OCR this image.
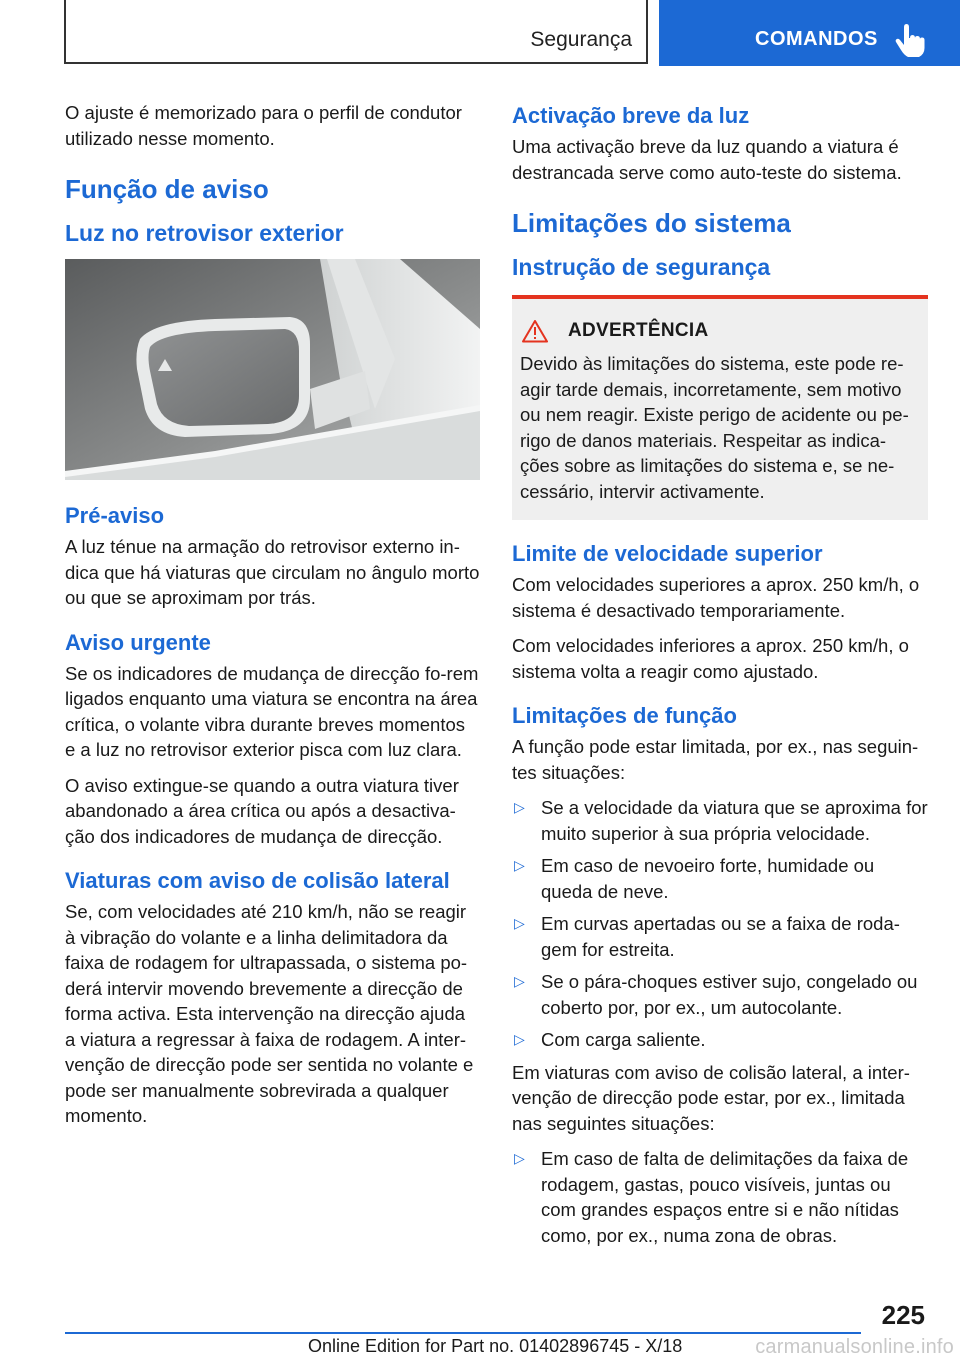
Segurança	COMANDOS

O ajuste é memorizado para o perfil de condutor utilizado nesse momento.

Função de aviso
Luz no retrovisor exterior
Pré-aviso

A luz ténue na armação do retrovisor externo in-dica que há viaturas que circulam no ângulo morto ou que se aproximam por trás.

Aviso urgente

Se os indicadores de mudança de direcção fo-rem ligados enquanto uma viatura se encontra na área crítica, o volante vibra durante breves momentos e a luz no retrovisor exterior pisca com luz clara.

O aviso extingue-se quando a outra viatura tiver abandonado a área crítica ou após a desactiva-ção dos indicadores de mudança de direcção.

Viaturas com aviso de colisão lateral

Se, com velocidades até 210 km/h, não se reagir à vibração do volante e a linha delimitadora da faixa de rodagem for ultrapassada, o sistema po-derá intervir movendo brevemente a direcção de forma activa. Esta intervenção na direcção ajuda a viatura a regressar à faixa de rodagem. A inter-venção de direcção pode ser sentida no volante e pode ser manualmente sobrevirada a qualquer momento.

Activação breve da luz

Uma activação breve da luz quando a viatura é destrancada serve como auto-teste do sistema.

Limitações do sistema
Instrução de segurança
ADVERTÊNCIA

Devido às limitações do sistema, este pode re-agir tarde demais, incorretamente, sem motivo ou nem reagir. Existe perigo de acidente ou pe-rigo de danos materiais. Respeitar as indica-ções sobre as limitações do sistema e, se ne-cessário, intervir activamente.

Limite de velocidade superior

Com velocidades superiores a aprox. 250 km/h, o sistema é desactivado temporariamente.

Com velocidades inferiores a aprox. 250 km/h, o sistema volta a reagir como ajustado.

Limitações de função

A função pode estar limitada, por ex., nas seguin-tes situações:

▷ Se a velocidade da viatura que se aproxima for muito superior à sua própria velocidade.
▷ Em caso de nevoeiro forte, humidade ou queda de neve.
▷ Em curvas apertadas ou se a faixa de roda-gem for estreita.
▷ Se o pára-choques estiver sujo, congelado ou coberto por, por ex., um autocolante.
▷ Com carga saliente.

Em viaturas com aviso de colisão lateral, a inter-venção de direcção pode estar, por ex., limitada nas seguintes situações:

▷ Em caso de falta de delimitações da faixa de rodagem, gastas, pouco visíveis, juntas ou com grandes espaços entre si e não nítidas como, por ex., numa zona de obras.
225
Online Edition for Part no. 01402896745 - X/18	carmanualsonline.info
